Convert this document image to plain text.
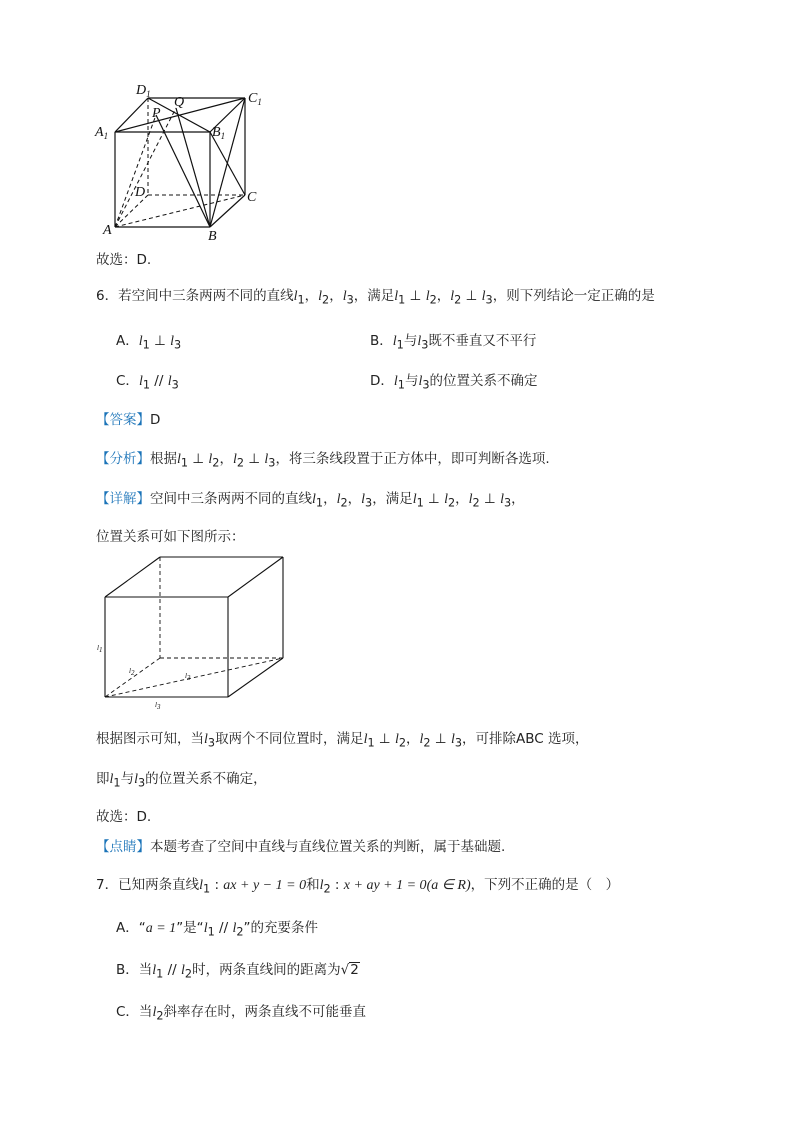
$D_1$
Q
P
$C_1$
$A_1$	$B_1$
D	C
A	B
故选：D.
6．若空间中三条两两不同的直线$l_1$，$l_2$，$l_3$，满足$l_1$ ⊥ $l_2$，$l_2$ ⊥ $l_3$，则下列结论一定正确的是
A．$l_1$ ⊥ $l_3$	B．$l_1$与$l_3$既不垂直又不平行
C．$l_1 // l_3$	D．$l_1$与$l_3$的位置关系不确定
【答案】D
【分析】根据$l_1$ ⊥ $l_2$，$l_2$ ⊥ $l_3$，将三条线段置于正方体中，即可判断各选项.
【详解】空间中三条两两不同的直线$l_1$，$l_2$，$l_3$，满足$l_1$ ⊥ $l_2$，$l_2$ ⊥ $l_3$，
位置关系可如下图所示：
l1
l2	l3
l3
根据图示可知，当$l_3$取两个不同位置时，满足$l_1$ ⊥ $l_2$，$l_2$ ⊥ $l_3$，可排除ABC 选项，
即$l_1$与$l_3$的位置关系不确定，
故选：D.
【点睛】本题考查了空间中直线与直线位置关系的判断，属于基础题.
7．已知两条直线$l_1$ : ax + y − 1 = 0和$l_2$ : x + ay + 1 = 0(a ∈ R)，下列不正确的是（　）
A．“a = 1”是“$l_1 // l_2$”的充要条件
B．当$l_1 // l_2$时，两条直线间的距离为√2
C．当$l_2$斜率存在时，两条直线不可能垂直
